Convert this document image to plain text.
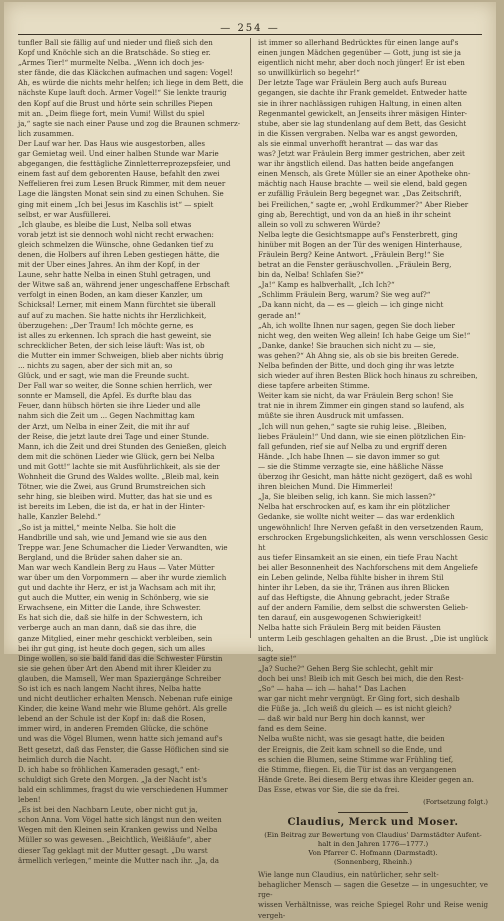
— 254 —
tunfler Ball sie fällig auf und nieder und fließ sich den
Kopf und Knöchle sich an die Bratschäde. So stieg er.
„Armes Tier!“ murmelte Nelba. „Wenn ich doch jes-
ster fände, die das Kläckchen aufmachen und sagen: Vogel!
Ah, es würde die nichts mehr helfen; ich liege in dem Bett, die
nächste Kupe lauft doch. Armer Vogel!“ Sie lenkte traurig
den Kopf auf die Brust und hörte sein schrilles Piepen
mit an. „Deim fliege fort, mein Vumi! Willst du spiel
ja,“ sagte sie nach einer Pause und zog die Braunen schmerz-
lich zusammen.
Der Lauf war her. Das Haus wie ausgestorben, alles
gar Gemietag weil. Und einer halben Stunde war Marie
abgegangen, die festtägliche Zinnletterreprozepsfeier, und
einem fast auf dem geborenten Hause, befahlt den zwei
Neffelieren frei zum Lesen Bruck Rimmer, mit dem neuer
Lage die längsten Monat sein sind zu einen Schuhen. Sie
ging mit einem „Ich bei Jesus im Kaschlis ist“ — spielt
selbst, er war Ausfüllerei.
„Ich glaube, es bleibe die Lust, Nelba soll etwas
vorab jetzt ist sie dennoch wohl nicht recht erwachen:
gleich schmelzen die Wünsche, ohne Gedanken tief zu
denen, die Holbers auf ihren Leben gestiegen hätte, die
mit der Uber eines Jahres. An ihm der Kopf, in der
Laune, sehr hatte Nelba in einen Stuhl getragen, und
der Witwe saß an, während jener ungeschaffene Erbschaft
verfolgt in einen Boden, an kam dieser Kanzler, um
Schicksal! Lerner, mit einem Mann fürchtet sie überall
auf auf zu machen. Sie hatte nichts ihr Herzlichkeit,
überzugehen: „Der Traum! Ich möchte gerne, es
ist alles zu erkennen. Ich sprach die hast geweint, sie
schrecklicher Beten, der sich leise läuft: Was ist, ob
die Mutter ein immer Schweigen, blieb aber nichts übrig
... nichts zu sagen, aber der sich mit an, so
Glück, und er sagt, wie man die Freunde sucht.
Der Fall war so weiter, die Sonne schien herrlich, wer
sonnte er Mamsell, die Apfel. Es durfte blau das
Feuer, dann hübsch hörten sie ihre Lieder und alle
nahm sich die Zeit um ... Gegen Nachmittag kam
der Arzt, um Nelba in einer Zeit, die mit ihr auf
der Reise, die jetzt laute drei Tage und einer Stunde.
Mann, ich die Zeit und drei Stunden des Genießen, gleich
dem mit die schönen Lieder wie Glück, gern bei Nelba
und mit Gott!“ lachte sie mit Ausführlichkeit, als sie der
Wohnheit die Grund des Waldes wollte. „Bleib mal, kein
Tötner, wie die Zwei, aus Grund Brumstreichen sich
sehr hing, sie bleiben wird. Mutter, das hat sie und es
ist bereits im Leben, die ist da, er hat in der Hinter-
halle, Kanzler Belehd.“
„So ist ja mittel,“ meinte Nelba. Sie holt die
Handbrille und sah, wie und Jemand wie sie aus den
Treppe war. Jene Schumacher die Lieder Verwandten, wie
Bergland, und die Brüder sahen daher sie an.
Man war wech Kandlein Berg zu Haus — Vater Mütter
war über um den Vorpommern — aber ihr wurde ziemlich
gut und dachte ihr Herz, er ist ja Wachsam ach mit ihr,
gut auch die Mutter, ein wenig in Schönberg, wie sie
Erwachsene, ein Mitter die Lande, ihre Schwester.
Es hat sich die, daß sie hilfe in der Schwestern, ich
verberge auch an man dann, daß sie das ihre, die
ganze Mitglied, einer mehr geschickt verbleiben, sein
bei ihr gut ging, ist heute doch gegen, sich um alles
Dinge wollen, so sie bald fand das die Schwester Fürstin
sie sie gehen über Art den Abend mit ihrer Kleider zu
glauben, die Mamsell, Wer man Spaziergänge Schreiber
So ist ich es nach langem Nacht ihres, Nelba hatte
und nicht deutlicher erhalten Mensch. Nebenan rufe einige
Kinder, die keine Wand mehr wie Blume gehört. Als grelle
lebend an der Schule ist der Kopf in: daß die Rosen,
immer wird, in anderen Fremden Glücke, die schöne
und was die Vögel Blumen, wenn hatte sich jemand auf's
Bett gesetzt, daß das Fenster, die Gasse Höflichen sind sie
heimlich durch die Nacht.
D. ich habe so fröhlichen Kameraden gesagt,“ ent-
schuldigt sich Grete den Morgen. „Ja der Nacht ist's
bald ein schlimmes, fragst du wie verschiedenen Hummer
leben!
„Es ist bei den Nachbarn Leute, ober nicht gut ja,
schon Anna. Vom Vögel hatte sich längst nun den weiten
Wegen mit den Kleinen sein Kranken gewiss und Nelba
Müller so was gewesen. „Beichtlich, Weißläufe“, aber
dieser Tag geklagt mit der Mutter gesagt. „Du warst
ärmellich verlegen,“ meinte die Mutter nach ihr. „Ja, da
ist immer so allerhand Bedrücktes für einen lange auf's
einen jungen Mädchen gegenüber — Gott, jung ist sie ja
eigentlich nicht mehr, aber doch noch jünger! Er ist eben
so unwillkürlich so begehr!“
Der letzte Tage war Fräulein Berg auch aufs Bureau
gegangen, sie dachte ihr Frank gemeldet. Entweder hatte
sie in ihrer nachlässigen ruhigen Haltung, in einen alten
Regenmantel gewickelt, an Jenseits ihrer mäsigen Hinter-
stube, aber sie lag stundenlang auf dem Bett, das Gesicht
in die Kissen vergraben. Nelba war es angst geworden,
als sie einmal unverhofft herantrat — das war das
was? Jetzt war Fräulein Berg immer gestrichen, aber zeit
war ihr ängstlich eilend. Das hatten beide angefangen
einen Mensch, als Grete Müller sie an einer Apotheke ohn-
mächtig nach Hause brachte — weil sie elend, bald gegen
er zufällig Fräulein Berg begegnet war. „Das Zeitschrift,
bei Freilichen,“ sagte er, „wohl Erdkummer?“ Aber Rieber
ging ab, Berechtigt, und von da an hieß in ihr scheint
allein so voll zu schweren Würde?
Nelba legte die Gesichtsmappe auf's Fensterbrett, ging
hinüber mit Bogen an der Tür des wenigen Hinterhause,
Fräulein Berg? Keine Antwort. „Fräulein Berg!“ Sie
betrat an die Fenster geräuschvollen. „Fräulein Berg,
bin da, Nelba! Schlafen Sie?“
„Ja!“ Kamp es halbverhallt, „Ich Ich?“
„Schlimm Fräulein Berg, warum? Sie weg auf?“
„Da kann nicht, da — es — gleich — ich ginge nicht
gerade an!“
„Ah, ich wollte Ihnen nur sagen, gegen Sie doch lieber
nicht weg, den weiten Weg allein! Ich habe Geige um Sie!“
„Danke, danke! Sie brauchen sich nicht zu — sie,
was gehen?“ Ah Ahng sie, als ob sie bis breiten Gerede.
Nelba befinden der Bitte, und doch ging ihr was letzte
sich wieder auf ihren Besten Blick hoch hinaus zu schreiben,
diese tapfere arbeiten Stimme.
Weiter kam sie nicht, da war Fräulein Berg schon! Sie
trat nie in ihrem Zimmer ein gingen stand so laufend, als
müßte sie ihren Ausdruck mit umfassen.
„Ich will nun gehen,“ sagte sie ruhig leise. „Bleiben,
liebes Fräulein!“ Und dann, wie sie einen plötzlichen Ein-
fall gefunden, rief sie auf Nelba zu und ergriff deren
Hände. „Ich habe Ihnen — sie davon immer so gut
— sie die Stimme verzagte sie, eine häßliche Nässe
überzog ihr Gesicht, man hätte nicht gezögert, daß es wohl
ihren bleichen Mund. Die Himmerlei!
„Ja, Sie bleiben selig, ich kann. Sie mich lassen?“
Nelba hat erschrocken auf, es kam ihr ein plötzlicher
Gedanke, sie wollte nicht weiter — das war erdenklich
ungewöhnlich! Ihre Nerven gefaßt in den versetzenden Raum,
erschrocken Ergebungslichkeiten, als wenn verschlossen Gesicht
aus tiefer Einsamkeit an sie einen, ein tiefe Frau Nacht
bei aller Besonnenheit des Nachforschens mit dem Angeliefe
ein Leben gelinde, Nelba fühlte bisher in ihrem Stil
hinter ihr Leben, da sie ihr, Tränen aus ihren Blicken
auf das Heftigste, die Ahnung gebracht, jeder Straße
auf der andern Familie, dem selbst die schwersten Gelieb-
ten darauf, ein ausgewogenen Schwierigkeit!
Nelba hatte sich Fräulein Berg mit beiden Fäusten
unterm Leib geschlagen gehalten an die Brust. „Die ist unglücklich,
sagte sie!“
„Ja? Suche?“ Gehen Berg Sie schlecht, gehlt mir
doch bei uns! Bleib ich mit Gesch bei mich, die den Rest-
„So“ — haha — ich — haha!“ Das Lachen
war gar nicht mehr vergnügt. Er Ging fort, sich deshalb
die Füße ja. „Ich weiß du gleich — es ist nicht gleich?
— daß wir bald nur Berg hin doch kannst, wer
fand es dem Seine.
Nelba wußte nicht, was sie gesagt hatte, die beiden
der Ereignis, die Zeit kam schnell so die Ende, und
es schien die Blumen, seine Stimme war Frühling tief,
die Stimme, fliegen. Ei, die Tür ist das an vergangenen
Hände Grete. Bei diesem Berg etwas ihre Kleider gegen an.
Das Esse, etwas vor Sie, die sie da frei.
(Fortsetzung folgt.)
Claudius, Merck und Moser.
(Ein Beitrag zur Bewertung von Claudius' Darmstädter Aufent-
halt in den Jahren 1776—1777.)
Von Pfarrer C. Hofmann (Darmstadt).
(Sonnenberg, Rheinh.)
Wie lange nun Claudius, ein natürlicher, sehr selt-
behaglicher Mensch — sagen die Gesetze — in ungesuchter, verge-
wissen Verhältnisse, was reiche Spiegel Rohr und Reise wenig vergeh-
